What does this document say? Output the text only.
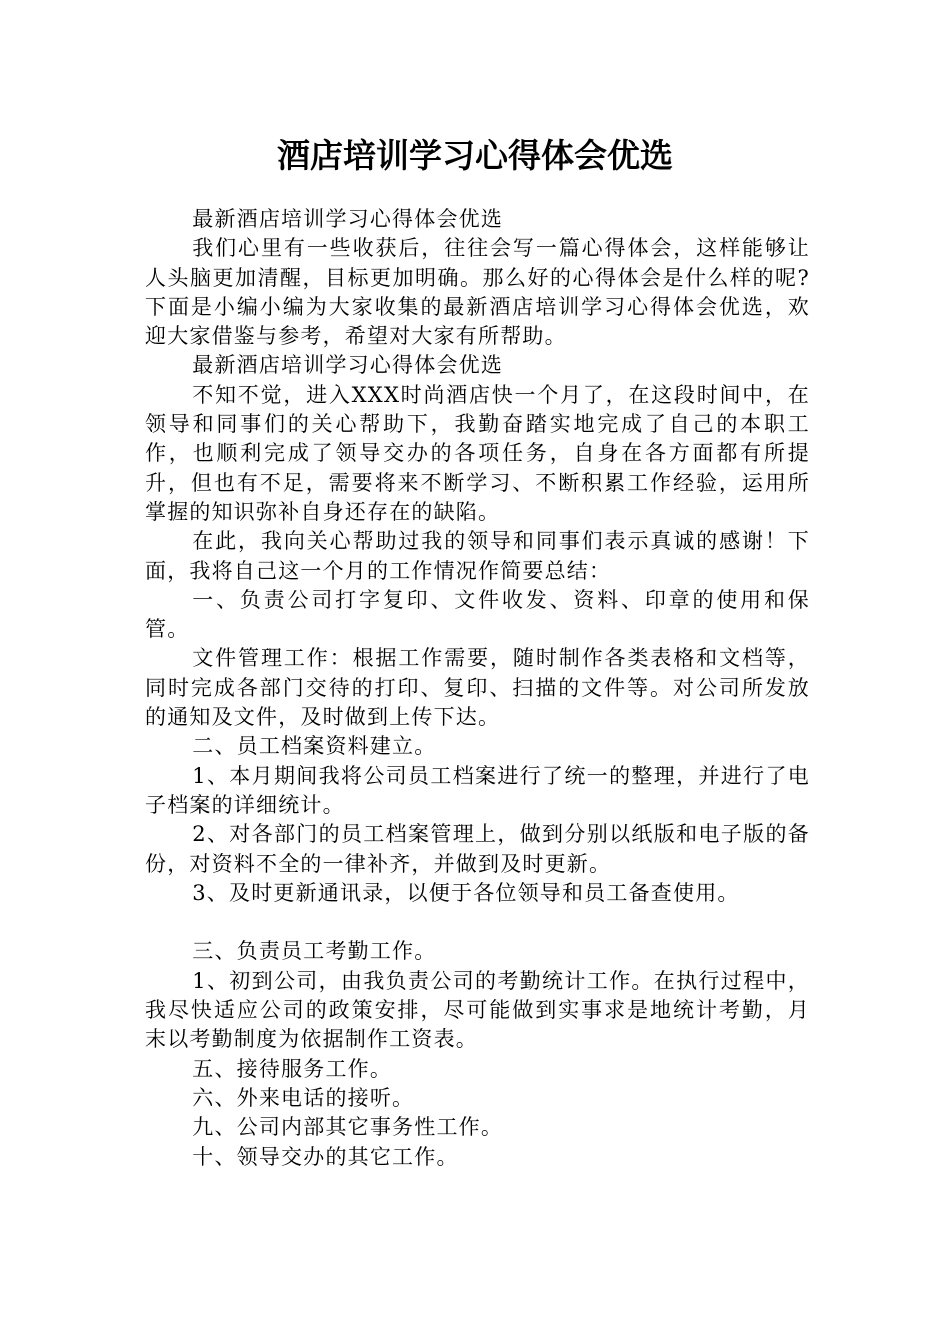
酒店培训学习心得体会优选

最新酒店培训学习心得体会优选

我们心里有一些收获后，往往会写一篇心得体会，这样能够让人头脑更加清醒，目标更加明确。那么好的心得体会是什么样的呢?下面是小编小编为大家收集的最新酒店培训学习心得体会优选，欢迎大家借鉴与参考，希望对大家有所帮助。

最新酒店培训学习心得体会优选

不知不觉，进入XXX时尚酒店快一个月了，在这段时间中，在领导和同事们的关心帮助下，我勤奋踏实地完成了自己的本职工作，也顺利完成了领导交办的各项任务，自身在各方面都有所提升，但也有不足，需要将来不断学习、不断积累工作经验，运用所掌握的知识弥补自身还存在的缺陷。

在此，我向关心帮助过我的领导和同事们表示真诚的感谢！下面，我将自己这一个月的工作情况作简要总结：

一、负责公司打字复印、文件收发、资料、印章的使用和保管。

文件管理工作：根据工作需要，随时制作各类表格和文档等，同时完成各部门交待的打印、复印、扫描的文件等。对公司所发放的通知及文件，及时做到上传下达。

二、员工档案资料建立。

1、本月期间我将公司员工档案进行了统一的整理，并进行了电子档案的详细统计。

2、对各部门的员工档案管理上，做到分别以纸版和电子版的备份，对资料不全的一律补齐，并做到及时更新。

3、及时更新通讯录，以便于各位领导和员工备查使用。

三、负责员工考勤工作。

1、初到公司，由我负责公司的考勤统计工作。在执行过程中，我尽快适应公司的政策安排，尽可能做到实事求是地统计考勤，月末以考勤制度为依据制作工资表。

五、接待服务工作。

六、外来电话的接听。

九、公司内部其它事务性工作。

十、领导交办的其它工作。
